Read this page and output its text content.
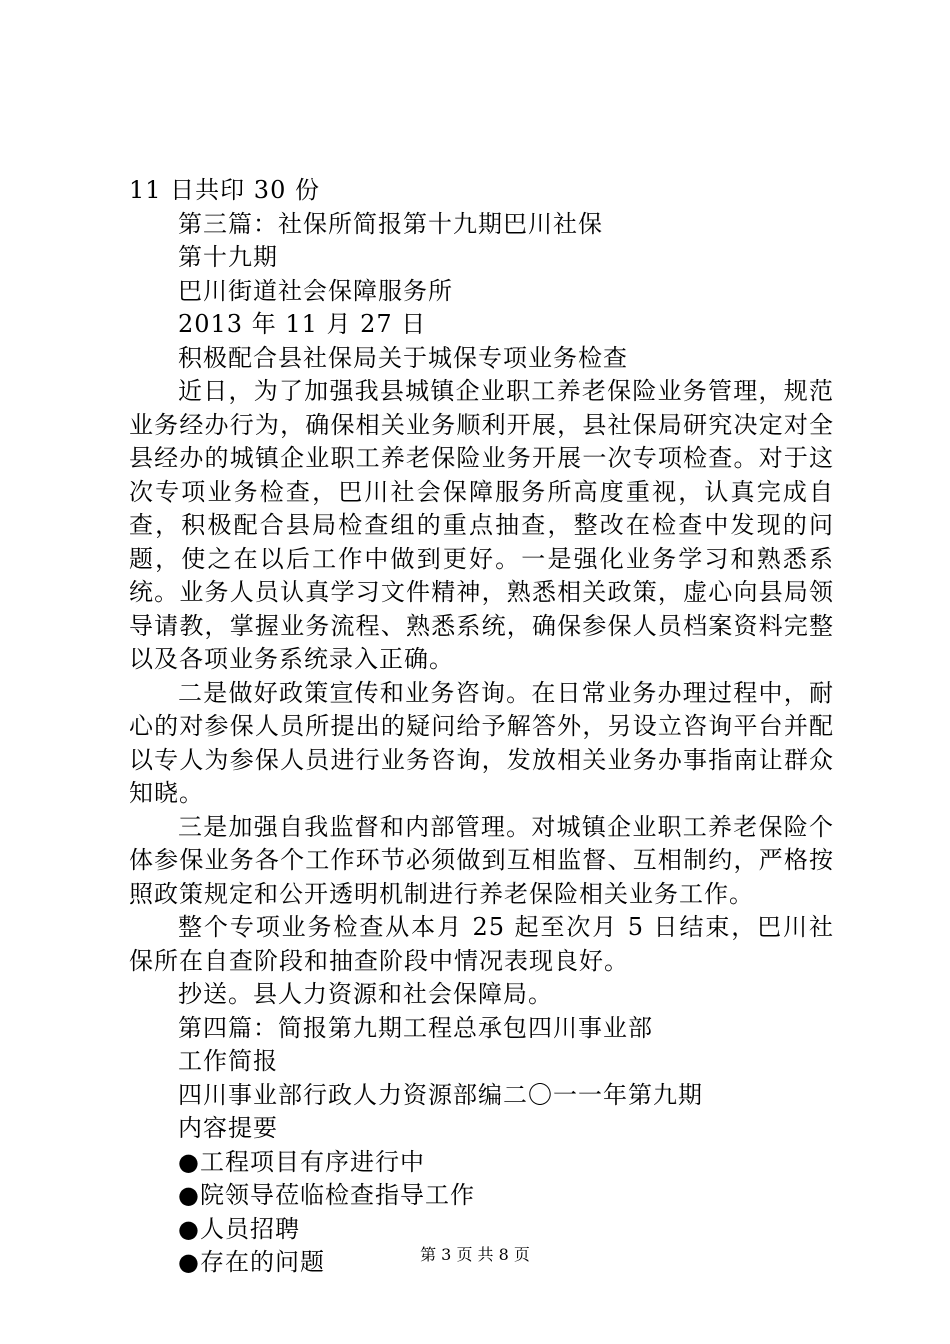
11 日共印 30 份
第三篇：社保所简报第十九期巴川社保
第十九期
巴川街道社会保障服务所
2013 年 11 月 27 日
积极配合县社保局关于城保专项业务检查

近日，为了加强我县城镇企业职工养老保险业务管理，规范业务经办行为，确保相关业务顺利开展，县社保局研究决定对全县经办的城镇企业职工养老保险业务开展一次专项检查。对于这次专项业务检查，巴川社会保障服务所高度重视，认真完成自查，积极配合县局检查组的重点抽查，整改在检查中发现的问题，使之在以后工作中做到更好。一是强化业务学习和熟悉系统。业务人员认真学习文件精神，熟悉相关政策，虚心向县局领导请教，掌握业务流程、熟悉系统，确保参保人员档案资料完整以及各项业务系统录入正确。

二是做好政策宣传和业务咨询。在日常业务办理过程中，耐心的对参保人员所提出的疑问给予解答外，另设立咨询平台并配以专人为参保人员进行业务咨询，发放相关业务办事指南让群众知晓。

三是加强自我监督和内部管理。对城镇企业职工养老保险个体参保业务各个工作环节必须做到互相监督、互相制约，严格按照政策规定和公开透明机制进行养老保险相关业务工作。

整个专项业务检查从本月 25 起至次月 5 日结束，巴川社保所在自查阶段和抽查阶段中情况表现良好。

抄送。县人力资源和社会保障局。
第四篇：简报第九期工程总承包四川事业部
工作简报
四川事业部行政人力资源部编二〇一一年第九期
内容提要
●工程项目有序进行中
●院领导莅临检查指导工作
●人员招聘
●存在的问题	第 3 页 共 8 页
